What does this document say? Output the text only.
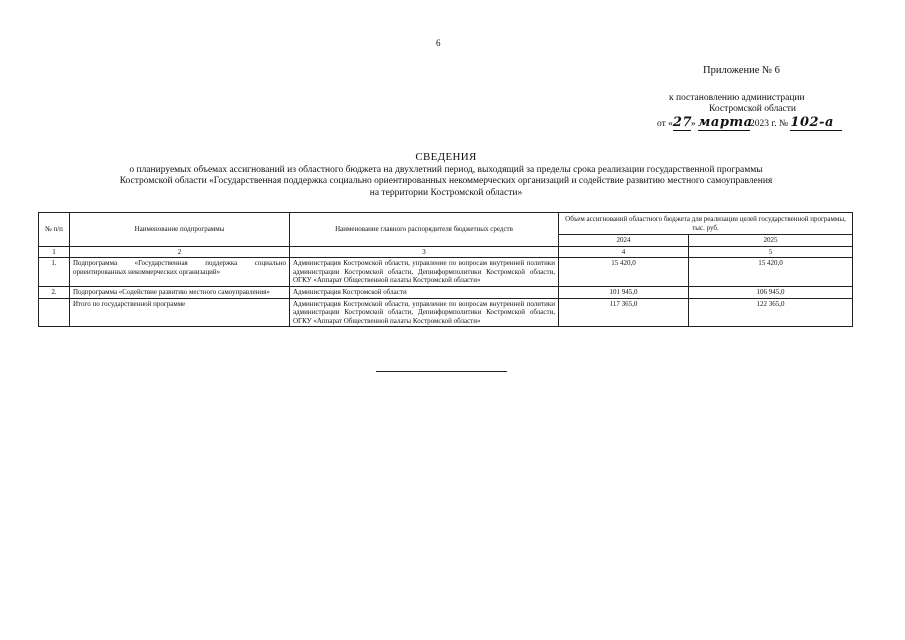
6
Приложение № 6
к постановлению администрации
Костромской области
от «27» марта2023 г. № 102-а
СВЕДЕНИЯ
о планируемых объемах ассигнований из областного бюджета на двухлетний период, выходящий за пределы срока реализации государственной программы
Костромской области «Государственная поддержка социально ориентированных некоммерческих организаций и содействие развитию местного самоуправления
на территории Костромской области»
№ п/п	Наименование подпрограммы	Наименование главного распорядителя бюджетных средств	Объем ассигнований областного бюджета для реализации целей государственной программы, тыс. руб.	
			2024	2025
1	2	3	4	5
1.	Подпрограмма «Государственная поддержка социально ориентированных некоммерческих организаций»	Администрация Костромской области, управление по вопросам внутренней политики администрации Костромской области, Депинформполитики Костромской области, ОГКУ «Аппарат Общественной палаты Костромской области»	15 420,0	15 420,0
2.	Подпрограмма «Содействие развитию местного самоуправления»	Администрация Костромской области	101 945,0	106 945,0
	Итого по государственной программе	Администрация Костромской области, управление по вопросам внутренней политики администрации Костромской области, Депинформполитики Костромской области, ОГКУ «Аппарат Общественной палаты Костромской области»	117 365,0	122 365,0
